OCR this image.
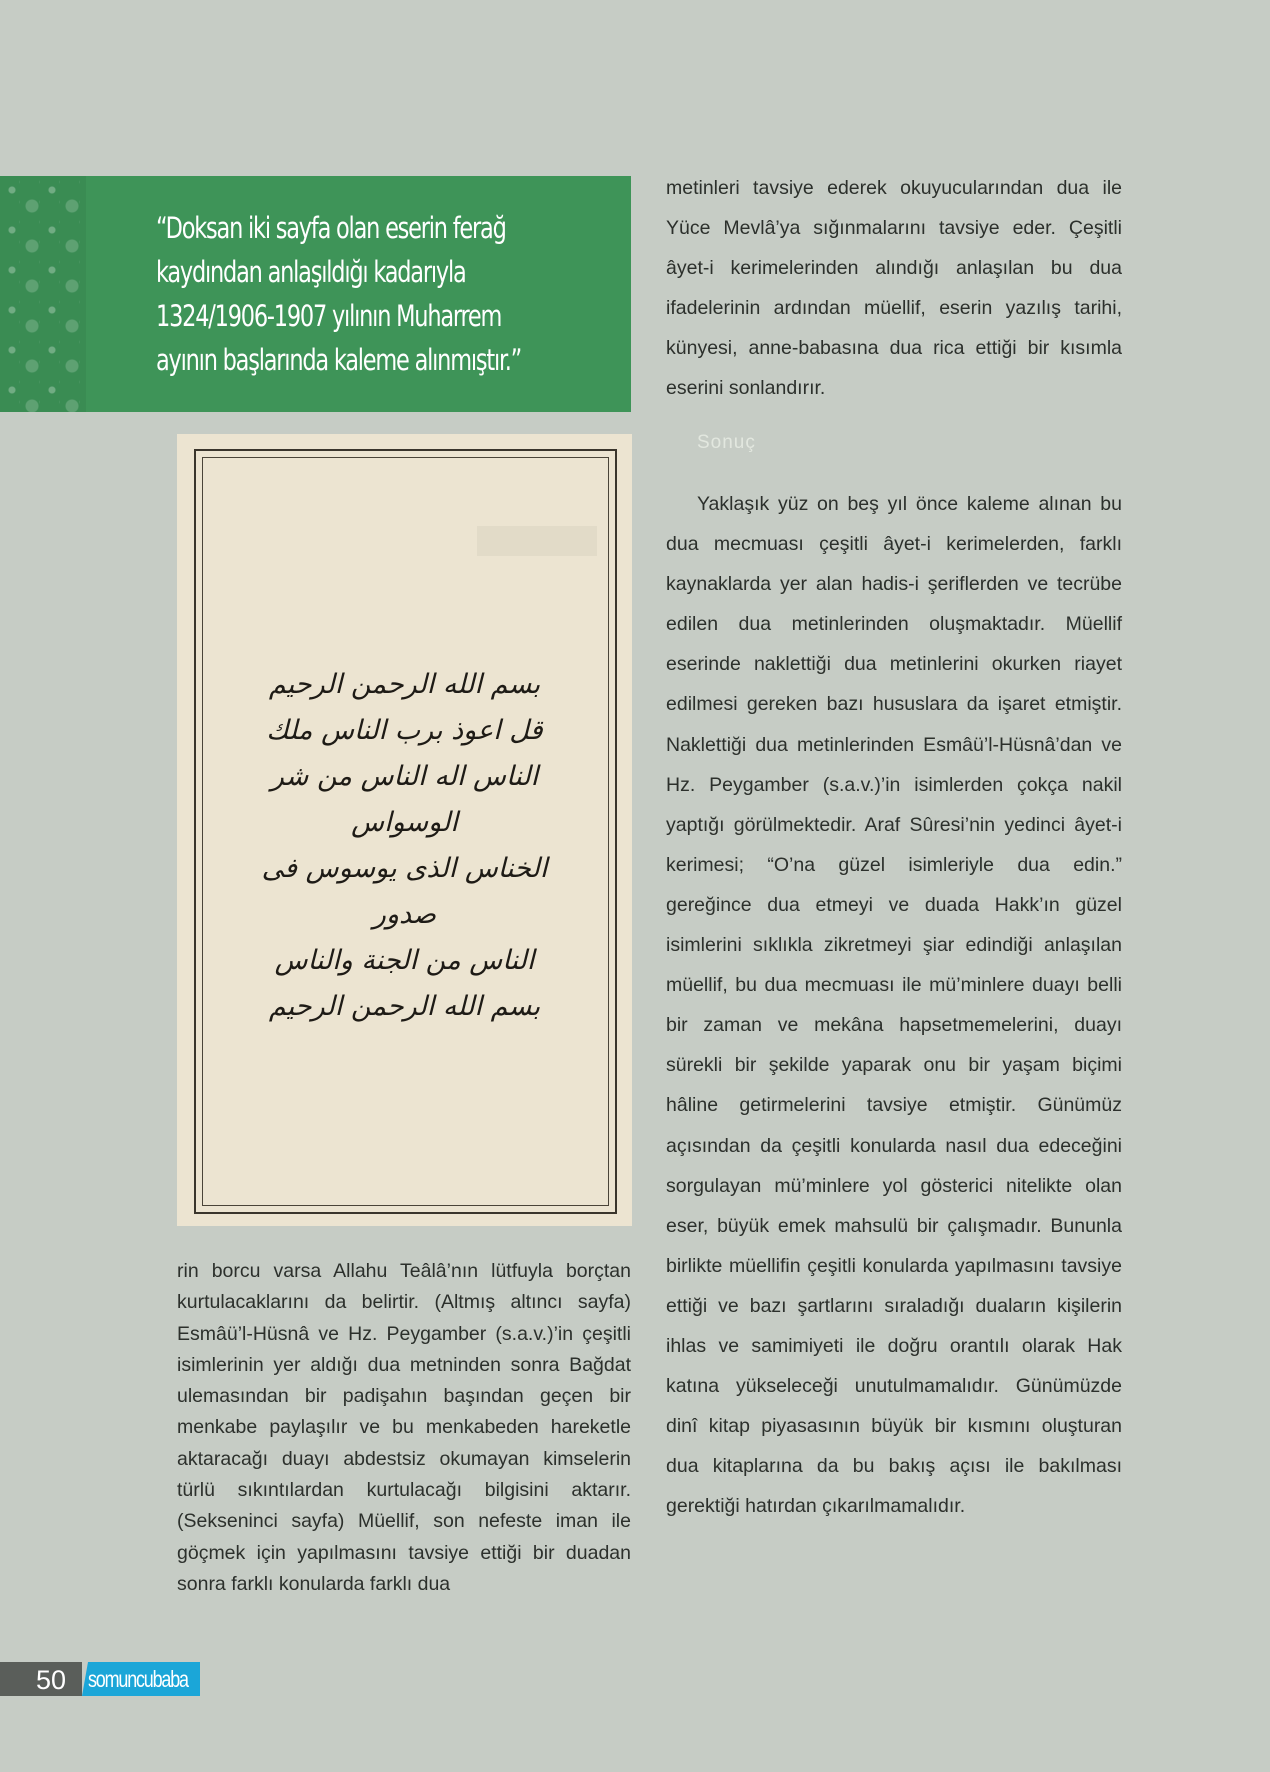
“Doksan iki sayfa olan eserin ferağ
kaydından anlaşıldığı kadarıyla
1324/1906-1907 yılının Muharrem
ayının başlarında kaleme alınmıştır.”

metinleri tavsiye ederek okuyucularından dua ile Yüce Mevlâ’ya sığınmalarını tavsiye eder. Çeşitli âyet-i kerimelerinden alındığı anlaşılan bu dua ifadelerinin ardından müellif, eserin yazılış tarihi, künyesi, anne-babasına dua rica ettiği bir kısımla eserini sonlandırır.

Sonuç

Yaklaşık yüz on beş yıl önce kaleme alınan bu dua mecmuası çeşitli âyet-i kerimelerden, farklı kaynaklarda yer alan hadis-i şeriflerden ve tecrübe edilen dua metinlerinden oluşmaktadır. Müellif eserinde naklettiği dua metinlerini okurken riayet edilmesi gereken bazı hususlara da işaret etmiştir. Naklettiği dua metinlerinden Esmâü’l-Hüsnâ’dan ve Hz. Peygamber (s.a.v.)’in isimlerden çokça nakil yaptığı görülmektedir. Araf Sûresi’nin yedinci âyet-i kerimesi; “O’na güzel isimleriyle dua edin.” gereğince dua etmeyi ve duada Hakk’ın güzel isimlerini sıklıkla zikretmeyi şiar edindiği anlaşılan müellif, bu dua mecmuası ile mü’minlere duayı belli bir zaman ve mekâna hapsetmemelerini, duayı sürekli bir şekilde yaparak onu bir yaşam biçimi hâline getirmelerini tavsiye etmiştir. Günümüz açısından da çeşitli konularda nasıl dua edeceğini sorgulayan mü’minlere yol gösterici nitelikte olan eser, büyük emek mahsulü bir çalışmadır. Bununla birlikte müellifin çeşitli konularda yapılmasını tavsiye ettiği ve bazı şartlarını sıraladığı duaların kişilerin ihlas ve samimiyeti ile doğru orantılı olarak Hak katına yükseleceği unutulmamalıdır. Günümüzde dinî kitap piyasasının büyük bir kısmını oluşturan dua kitaplarına da bu bakış açısı ile bakılması gerektiği hatırdan çıkarılmamalıdır.

بسم الله الرحمن الرحيم
قل اعوذ برب الناس ملك
الناس اله الناس من شر الوسواس
الخناس الذى يوسوس فى صدور
الناس من الجنة والناس
بسم الله الرحمن الرحيم

rin borcu varsa Allahu Teâlâ’nın lütfuyla borçtan kurtulacaklarını da belirtir. (Altmış altıncı sayfa) Esmâü’l-Hüsnâ ve Hz. Peygamber (s.a.v.)’in çeşitli isimlerinin yer aldığı dua metninden sonra Bağdat ulemasından bir padişahın başından geçen bir menkabe paylaşılır ve bu menkabeden hareketle aktaracağı duayı abdestsiz okumayan kimselerin türlü sıkıntılardan kurtulacağı bilgisini aktarır. (Sekseninci sayfa) Müellif, son nefeste iman ile göçmek için yapılmasını tavsiye ettiği bir duadan sonra farklı konularda farklı dua

50 somuncubaba
